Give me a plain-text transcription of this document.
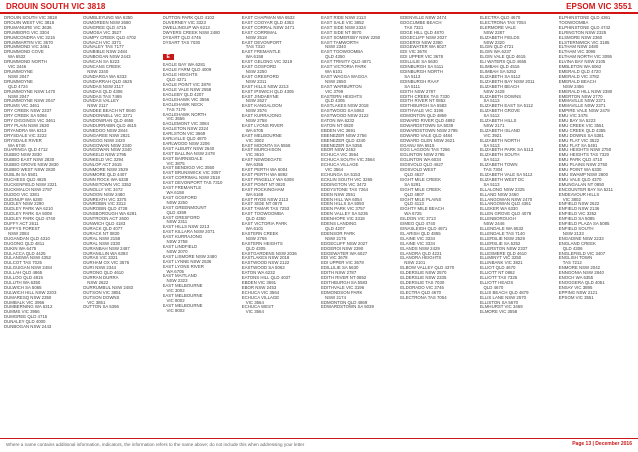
DROUIN SOUTH VIC 3818	EPSOM VIC 3551
DROUIN SOUTH VIC 3818
DROUIN WEST VIC 3818
DRUMANURE VIC 3636
DRUMBORG VIC 3304
DRUMCONDRA VIC 3215
DRUMMARTIN VIC 3570
DRUMMOND VIC 3461
DRUMMOND COVE
WA 6532
DRUMMOND NORTH
VIC 3446
DRUMMOYNE
NSW 2047
DRUMMOYNE
QLD 4724
DRUMMOYNE NSW 1470
NSW 2047
DRUMMOYNE NSW 2047
DRUMS VIC 3461
DRY CREEK NSW 2337
DRY CREEK SA 5094
DRY DIGGINGS VIC 3461
DRY PLAIN NSW 2630
DRYANDRA WA 6313
DRYSDALE VIC 3222
DRYSDALE RIVER
WA 6740
DUARINGA QLD 4712
DUBBO NSW 2830
DUBBO EAST NSW 2830
DUBBO GROVE NSW 2830
DUBBO WEST NSW 2830
DUBLIN SA 5501
DUCHESS QLD 4825
DUCKENFIELD NSW 2321
DUCKMALOI NSW 2787
DUDDO VIC 3381
DUDINUP WA 6280
DUDLEY NSW 2290
DUDLEY PARK WA 6210
DUDLEY PARK SA 5008
DUDLEY PARK QLD 4740
DUFFY ACT 2611
DUFFYS FOREST
NSW 2084
DUGANDAN QLD 4310
DUGONG QLD 4811
DUKIN WA 6475
DULACCA QLD 4425
DULANGWA NSW 4352
DULCOT TAS 7025
DULGUIGAN NSW 2484
DULLAH QLD 4865
DULLOO QLD 4815
DULUTH WA 6350
DULWICH SA 5065
DULWICH HILL NSW 2203
DUMARESQ NSW 2350
DUMBALK VIC 3956
DUMBERNING WA 6312
DUMMS VIC 3956
DUMGREE QLD 4715
DUNALEY QLD 4000
DUNBOGAN NSW 2443
DUMBLEYUNG WA 6350
DUMGREEN NSW 2680
DUNGREE QLD 4715
DUMOSA VIC 3527
DUMPY CREEK QLD 4702
DUNACH VIC 3371
DUNALEY TAS 7177
DUNBIBLE NSW 2484
DUNBOGAN NSW 2443
DUNCAN SA 5223
DUNCANS CREEK
NSW 2340
DUNDARGA WA 6333
DUNDARRAH QLD 4625
DUNDAS NSW 2117
DUNDAS QLD 4306
DUNDAS TAS 7469
DUNDAS VALLEY
NSW 2117
DUNDEE BEACH NT 0840
DUNDONNELL VIC 3271
DUNDOWRAN QLD 4655
DUNDURRABIN QLD 4615
DUNEDOO NSW 2844
DUNGAREE NSW 2821
DUNGOG NSW 2420
DUNGOWAN NSW 2340
DUNGOWAN NSW 2340
DUNKELD NSW 2795
DUNKELD VIC 3294
DUNLOP ACT 2615
DUNMORE NSW 2529
DUNMORE QLD 4407
DUNN ROCK WA 6338
DUNNSTOWN VIC 3352
DUNOLLY VIC 3472
DUNOON NSW 2480
DUNREATH VIC 3375
DUNROBIN VIC 3312
DUNROBIN QLD 4728
DUNSBOROUGH WA 6281
DUNTROON ACT 2600
DUNWICH QLD 4183
DURACK QLD 4077
DURACK NT 0830
DURAL NSW 2158
DURAL NSW 2330
DURANBAH NSW 2487
DURANILLIN WA 6393
DURAS VIC 3321
DURHAM OX VIC 3576
DURI NSW 2344
DURONG QLD 4610
DURRAN DURRA
NSW 2622
DURRUMBUL NSW 2483
DUTSON VIC 3851
DUTSON DOWNS
VIC 3851
DUTTON SA 5356
DUTTON PARK QLD 4102
DUVERNEY VIC 3323
DWELLINGUP WA 6213
DWYERS CREEK NSW 2480
DYSART QLD 4745
DYSART TAS 7030
E
EAGLE BAY WA 6281
EAGLE FARM QLD 4009
EAGLE HEIGHTS
QLD 4271
EAGLE POINT VIC 3878
EAGLE VALE NSW 2558
EAGLEBY QLD 4207
EAGLEHAWK VIC 3556
EAGLEHAWK NECK
TAS 7179
EAGLEHAWK NORTH
VIC 3556
EAGLEMONT VIC 3084
EAGLETON NSW 2324
EARLSTON VIC 3669
EARLVILLE QLD 4870
EARLWOOD NSW 2206
EAST ALBURY NSW 2640
EAST BALLINA NSW 2478
EAST BAIRNSDALE
VIC 3875
EAST BENDIGO VIC 3550
EAST BRUNSWICK VIC 3057
EAST CORRIMAL NSW 2518
EAST DEVONPORT TAS 7310
EAST FREMANTLE
WA 6158
EAST GOSFORD
NSW 2250
EAST GREENMOUNT
QLD 4359
EAST GRESFORD
NSW 2311
EAST HILLS NSW 2213
EAST KILLARA NSW 2071
EAST KURRAJONG
NSW 2758
EAST LINDFIELD
NSW 2070
EAST LISMORE NSW 2480
EAST LYNNE NSW 2536
EAST LYONS RIVER
WA 6705
EAST MAITLAND
NSW 2323
EAST MELBOURNE
VIC 3002
EAST MELBOURNE
VIC 8002
EAST MELBOURNE
VIC 8002
EAST CHAPMAN WA 6532
EAST COOYAR QLD 4353
EAST CORRAL NSW 2471
EAST CORRIMAL
NSW 2518
EAST DEVONPORT
TAS 7310
EAST FREMANTLE
WA 6158
EAST GELONG VIC 3219
EAST GOSFORD
NSW 2250
EAST GRESFORD
NSW 2311
EAST HILLS NSW 2213
EAST IPSWICH QLD 4305
EAST JINDABYNE
NSW 2627
EAST KANGALOON
NSW 2576
EAST KURRAJONG
NSW 2758
EAST LYONS RIVER
WA 6705
EAST MELBOURNE
VIC 3002
EAST MOONTA SA 5558
EAST MURCHISON
VIC 3610
EAST NEWDEGATE
WA 6355
EAST PERTH WA 6004
EAST PERTH WA 6892
EAST PINGELLY WA 6308
EAST POINT NT 0820
EAST ROCKINGHAM
WA 6168
EAST RYDE NSW 2113
EAST SIDE NT 0870
EAST TAMAR TAS 7253
EAST TOOWOOMBA
QLD 4350
EAST VICTORIA PARK
WA 6101
EASTERN CREEK
NSW 2766
EASTERN HEIGHTS
QLD 4305
EASTGARDENS NSW 2036
EASTLAKES NSW 2018
EASTWOOD NSW 2122
EASTWOOD SA 5063
EATON WA 6232
EATONS HILL QLD 4037
EBDEN VIC 3691
EBOR NSW 2453
ECHUCA VIC 3564
ECHUCA VILLAGE
VIC 3564
ECHUCA WEST
VIC 3564
EAST RIDE NSW 2113
EAST SALE VIC 3852
EAST SIDE NSW 2324
EAST SIDE NT 0870
EAST SOMERSBY NSW 2250
EAST TAMWORTH
NSW 2340
EAST TOOWOOMBA
QLD 4350
EAST TRINITY QLD 4871
EAST VICTORIA PARK
WA 6101
EAST WAGGA WAGGA
NSW 2650
EAST WARBURTON
VIC 3799
EASTERN HEIGHTS
QLD 4305
EASTLAKES NSW 2018
EASTWOOD SA 5063
EASTWOOD NSW 2122
EATON WA 6232
EATON NT 0820
EBDEN VIC 3691
EBENEZER NSW 2756
EBENEZER QLD 4340
EBENEZER SA 5355
EBOR NSW 2453
ECHUCA VIC 3564
ECHUCA SOUTH VIC 3564
ECHUCA VILLAGE
VIC 3564
ECHUNGA SA 5153
ECKLIN SOUTH VIC 3265
EDDINGTON VIC 3472
EDDYSTONE TAS 7264
EDEN NSW 2551
EDEN HILL WA 6054
EDEN HILLS SA 5050
EDEN PARK VIC 3757
EDEN VALLEY SA 5235
EDENHOPE VIC 3318
EDENS LANDING
QLD 4207
EDENSOR PARK
NSW 2176
EDGECLIFF NSW 2027
EDGEROI NSW 2390
EDGEWATER WA 6027
EDI VIC 3678
EDI UPPER VIC 3678
EDILLILIE SA 5630
EDITH NSW 2787
EDITH RIVER NT 0852
EDITHBURGH SA 5583
EDITHVALE VIC 3196
EDMONDSON PARK
NSW 2174
EDMONTON QLD 4869
EDWARDSTOWN SA 5039
EDENVILLE NSW 2474
EDGCUMBE BEACH
TAS 7321
EDGE HILL QLD 4870
EDGECLIFF NSW 2027
EDGEROI NSW 2390
EDGEWATER WA 6027
EDI VIC 3678
EDI UPPER VIC 3678
EDILLILIE SA 5630
EDINBURGH SA 5111
EDINBURGH NORTH
SA 5113
EDINBURGH RAAF
SA 5111
EDITH NSW 2787
EDITH CREEK TAS 7330
EDITH RIVER NT 0852
EDITHBURGH SA 5583
EDITHVALE VIC 3196
EDMONTON QLD 4869
EDWARD RIVER QLD 4892
EDWARDSTOWN SA 5039
EDWARDSTOWN NSW 2795
EDWARD VALE QLD 4484
EDWARD GLEN NSW 2621
EGANU WA 6515
EGG LAGOON TAS 7256
EGLINTON NSW 2795
EGLINTON WA 6034
EIDSVOLD QLD 4627
EIDSVOLD WEST
QLD 4627
EIGHT MILE CREEK
SA 5291
EIGHT MILE CREEK
QLD 4807
EIGHT MILE PLAINS
QLD 4113
EIGHTY MILE BEACH
WA 6725
EILDON VIC 3713
EIMEO QLD 4740
EINASLEIGH QLD 4871
EL ARISH QLD 4855
ELAINE VIC 3334
ELAINE VIC 3334
ELANDS NSW 2429
ELANORA QLD 4221
ELANORA HEIGHTS
NSW 2101
ELBOW VALLEY QLD 4370
ELDERSLIE NSW 2570
ELDERSLIE NSW 2335
ELDERSLIE TAS 7030
ELDORADO VIC 3746
ELECTRA QLD 4670
ELECTRONA TAS 7054
ELECTRA QLD 4670
ELECTRONA TAS 7054
ELERMORE VALE
NSW 2287
ELIZABETH FIELDS
NSW 2320
ELGIN QLD 4721
ELGIN WA 6237
ELGIN VALE QLD 4615
ELI WATERS QLD 4655
ELIMBAH QLD 4516
ELIMBAH SA 5252
ELIZABETH SA 5112
ELIZABETH BAY NSW 2011
ELIZABETH BEACH
NSW 2428
ELIZABETH DOWNS
SA 5113
ELIZABETH EAST SA 5112
ELIZABETH GROVE
SA 5112
ELIZABETH HILLS
NSW 2171
ELIZABETH ISLAND
VIC 3921
ELIZABETH NORTH
SA 5113
ELIZABETH PARK SA 5113
ELIZABETH SOUTH
SA 5112
ELIZABETH TOWN
TAS 7304
ELIZABETH VALE SA 5112
ELIZABETH WEST DC
SA 5113
ELLALONG NSW 2325
ELLAND NSW 2460
ELLANGOWAN NSW 2470
ELLANGOWAN QLD 4361
ELLEKER WA 6330
ELLEN GROVE QLD 4078
ELLENBOROUGH
NSW 2446
ELLENDALE WA 6532
ELLENDALE TAS 7140
ELLERSLIE NSW 2529
ELLERSLIE SA 5252
ELLERSTON NSW 2337
ELLESMERE QLD 4610
ELLIMINYT VIC 3250
ELLINBANK VIC 3821
ELLIOT QLD 4670
ELLIOTT NT 0862
ELLIOTT TAS 7325
ELLIOTT HEADS
QLD 4670
ELLIS BEACH QLD 4879
ELLIS LANE NSW 2570
ELLISTON SA 5670
ELMHURST VIC 3469
ELMORE VIC 3558
ELPHINSTONE QLD 4361
TOOWOOMBA
ELPHINSTONE QLD 4742
ELRINGTON NSW 2325
ELSMORE NSW 2360
ELSTERNWICK VIC 3185
ELTHAM NSW 2480
ELTHAM VIC 3095
ELTHAM NORTH VIC 3095
ELVINA BAY NSW 2105
EMBLETON WA 6062
EMERALD QLD 4720
EMERALD VIC 3782
EMERALD BEACH
NSW 2456
EMERALD HILL NSW 2380
EMERTON NSW 2770
EMMAVILLE NSW 2371
EMMAVILLE NSW 2371
EMPIRE VALE NSW 2478
EMU VIC 3475
EMU BAY SA 5223
EMU CREEK VIC 3551
EMU CREEK QLD 4355
EMU DOWNS SA 5381
EMU FLAT VIC 3522
EMU FLAT SA 5491
EMU HEIGHTS NSW 2750
EMU HEIGHTS TAS 7320
EMU PARK QLD 4710
EMU PLAINS NSW 2750
EMU POINT WA 6330
EMU SWAMP NSW 2800
EMU VALE QLD 4370
EMUNGALAN NT 0850
ENCOUNTER BAY SA 5211
ENDEAVOUR HILLS
VIC 3802
ENFIELD NSW 2622
ENFIELD NSW 2136
ENFIELD VIC 3352
ENFIELD SA 5085
ENFIELD PLAZA SA 5085
ENFIELD SOUTH
NSW 2133
ENGADINE NSW 2233
ENGLAND CREEK
QLD 4306
ENGLEFIELD VIC 3407
ENGLISH TOWN
TAS 7212
ENMORE NSW 2042
ENNGONIA NSW 2840
ENOCH WA 6355
ENOGGERA QLD 4051
ENSAY VIC 3895
EPPING NSW 2121
EPSOM VIC 3551
Where a name contains additional information, indicators, the information refers to the name above; do not include this when addressing your letter	Page 13 | December 2016
